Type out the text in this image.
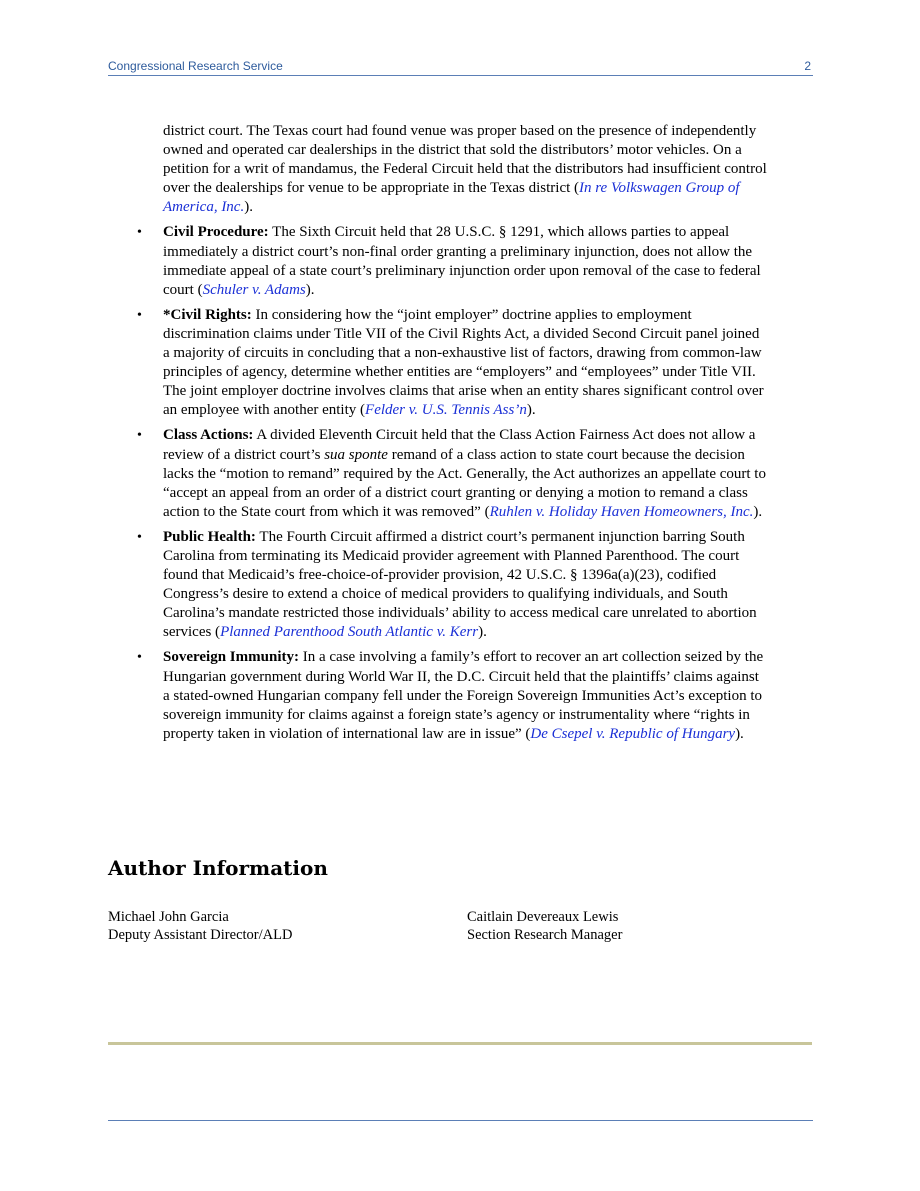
Congressional Research Service	2

district court. The Texas court had found venue was proper based on the presence of independently owned and operated car dealerships in the district that sold the distributors’ motor vehicles. On a petition for a writ of mandamus, the Federal Circuit held that the distributors had insufficient control over the dealerships for venue to be appropriate in the Texas district (In re Volkswagen Group of America, Inc.).

• Civil Procedure: The Sixth Circuit held that 28 U.S.C. § 1291, which allows parties to appeal immediately a district court’s non-final order granting a preliminary injunction, does not allow the immediate appeal of a state court’s preliminary injunction order upon removal of the case to federal court (Schuler v. Adams).
• *Civil Rights: In considering how the “joint employer” doctrine applies to employment discrimination claims under Title VII of the Civil Rights Act, a divided Second Circuit panel joined a majority of circuits in concluding that a non-exhaustive list of factors, drawing from common-law principles of agency, determine whether entities are “employers” and “employees” under Title VII. The joint employer doctrine involves claims that arise when an entity shares significant control over an employee with another entity (Felder v. U.S. Tennis Ass’n).
• Class Actions: A divided Eleventh Circuit held that the Class Action Fairness Act does not allow a review of a district court’s sua sponte remand of a class action to state court because the decision lacks the “motion to remand” required by the Act. Generally, the Act authorizes an appellate court to “accept an appeal from an order of a district court granting or denying a motion to remand a class action to the State court from which it was removed” (Ruhlen v. Holiday Haven Homeowners, Inc.).
• Public Health: The Fourth Circuit affirmed a district court’s permanent injunction barring South Carolina from terminating its Medicaid provider agreement with Planned Parenthood. The court found that Medicaid’s free-choice-of-provider provision, 42 U.S.C. § 1396a(a)(23), codified Congress’s desire to extend a choice of medical providers to qualifying individuals, and South Carolina’s mandate restricted those individuals’ ability to access medical care unrelated to abortion services (Planned Parenthood South Atlantic v. Kerr).
• Sovereign Immunity: In a case involving a family’s effort to recover an art collection seized by the Hungarian government during World War II, the D.C. Circuit held that the plaintiffs’ claims against a stated-owned Hungarian company fell under the Foreign Sovereign Immunities Act’s exception to sovereign immunity for claims against a foreign state’s agency or instrumentality where “rights in property taken in violation of international law are in issue” (De Csepel v. Republic of Hungary).
Author Information
Michael John Garcia
Deputy Assistant Director/ALD
Caitlain Devereaux Lewis
Section Research Manager
